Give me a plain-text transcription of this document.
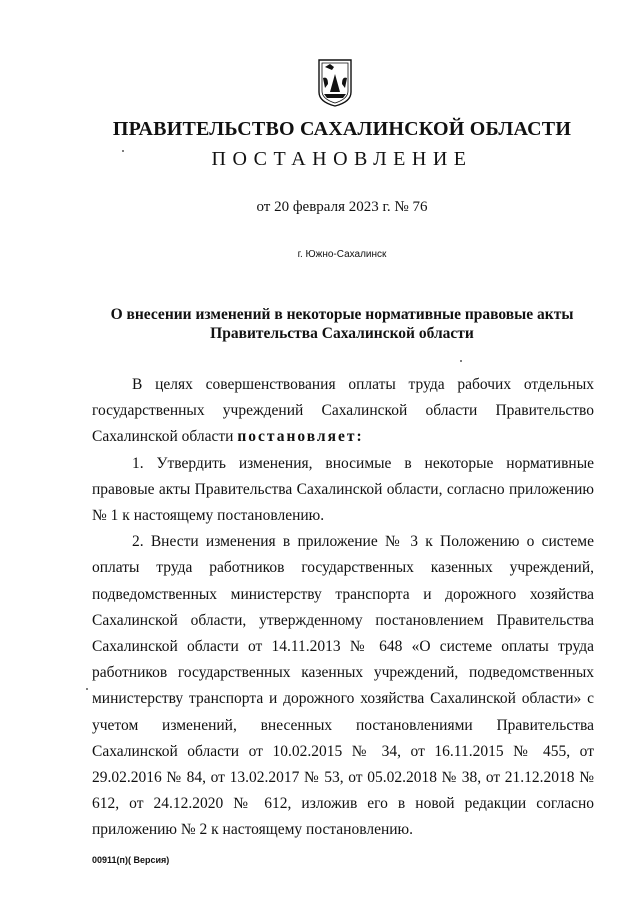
ПРАВИТЕЛЬСТВО САХАЛИНСКОЙ ОБЛАСТИ
ПОСТАНОВЛЕНИЕ
от 20 февраля 2023 г. № 76
г. Южно-Сахалинск
О внесении изменений в некоторые нормативные правовые акты
Правительства Сахалинской области

В целях совершенствования оплаты труда рабочих отдельных государственных учреждений Сахалинской области Правительство Сахалинской области постановляет:

1. Утвердить изменения, вносимые в некоторые нормативные правовые акты Правительства Сахалинской области, согласно приложению № 1 к настоящему постановлению.

2. Внести изменения в приложение № 3 к Положению о системе оплаты труда работников государственных казенных учреждений, подведомственных министерству транспорта и дорожного хозяйства Сахалинской области, утвержденному постановлением Правительства Сахалинской области от 14.11.2013 № 648 «О системе оплаты труда работников государственных казенных учреждений, подведомственных министерству транспорта и дорожного хозяйства Сахалинской области» с учетом изменений, внесенных постановлениями Правительства Сахалинской области от 10.02.2015 № 34, от 16.11.2015 № 455, от 29.02.2016 № 84, от 13.02.2017 № 53, от 05.02.2018 № 38, от 21.12.2018 № 612, от 24.12.2020 № 612, изложив его в новой редакции согласно приложению № 2 к настоящему постановлению.

00911(п)( Версия)
